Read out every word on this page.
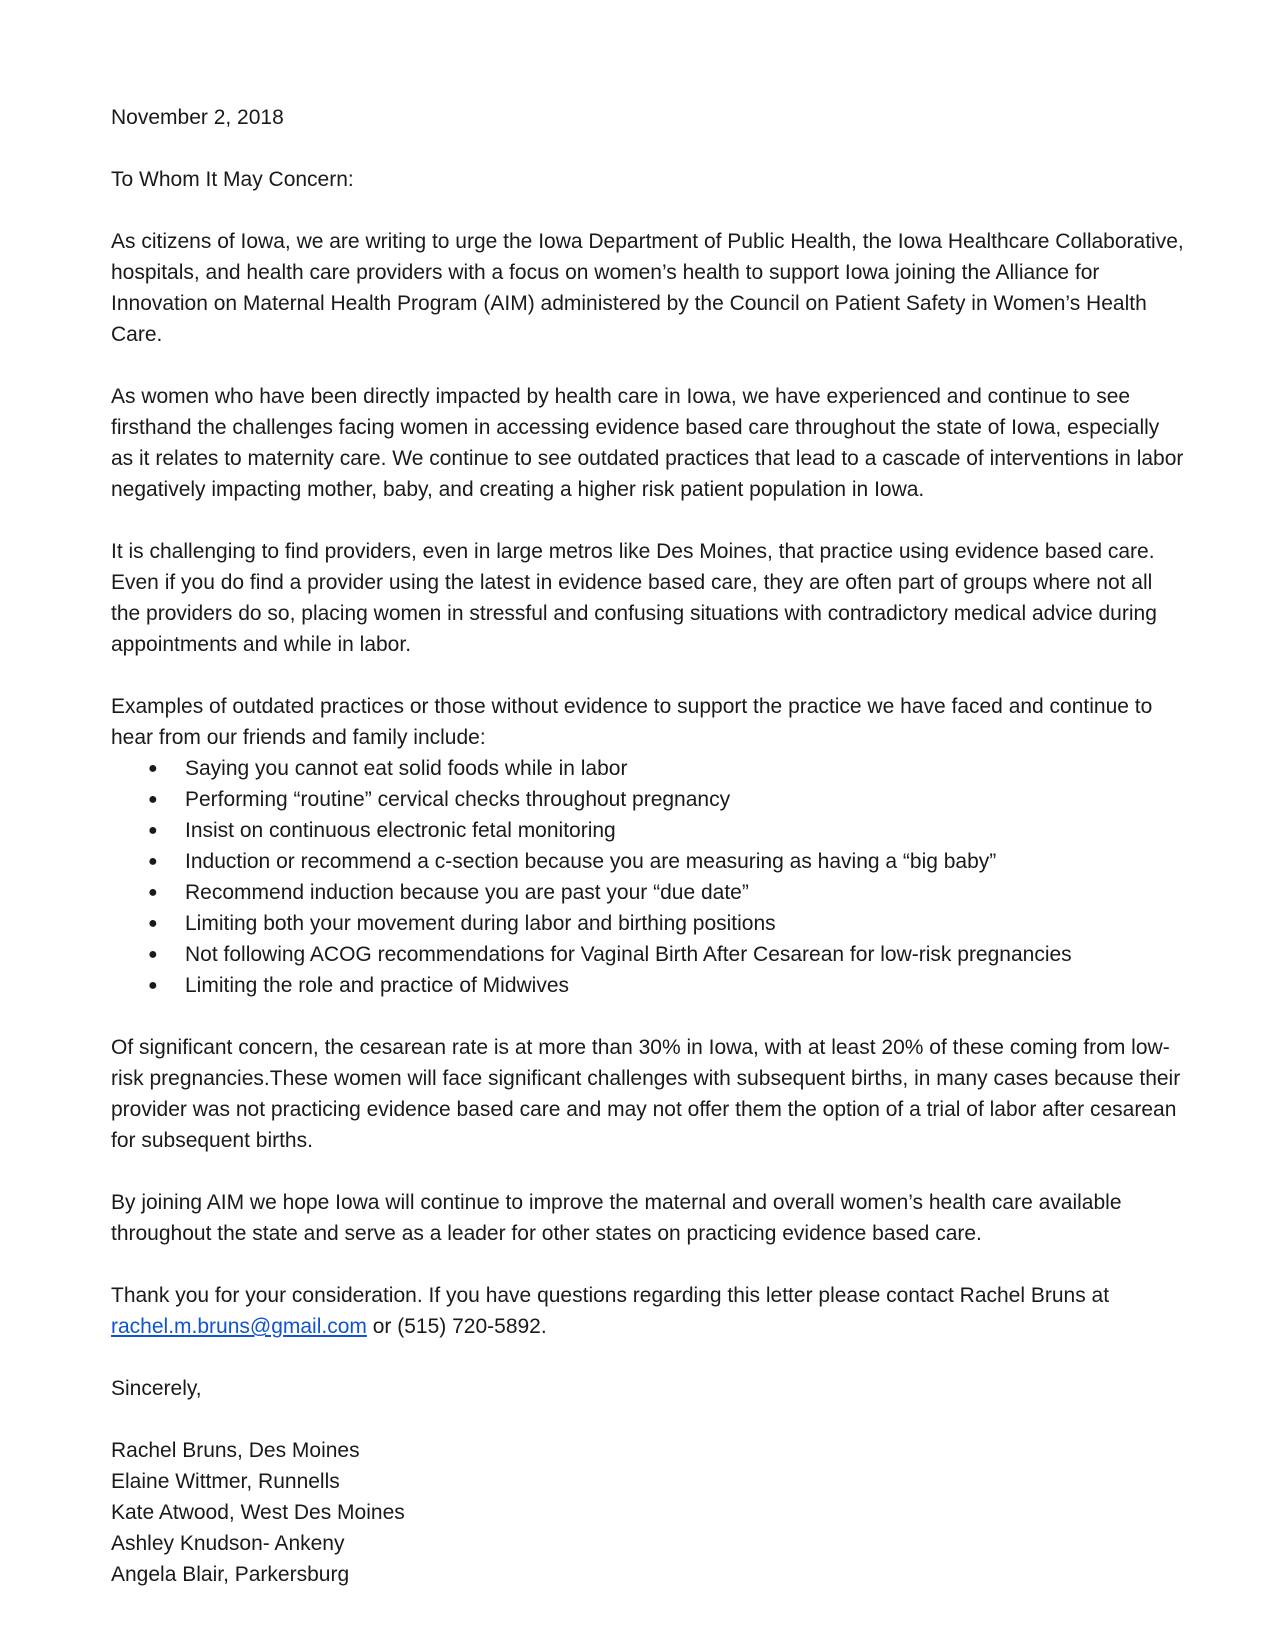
November 2, 2018

To Whom It May Concern:

As citizens of Iowa, we are writing to urge the Iowa Department of Public Health, the Iowa Healthcare Collaborative, hospitals, and health care providers with a focus on women’s health to support Iowa joining the Alliance for Innovation on Maternal Health Program (AIM) administered by the Council on Patient Safety in Women’s Health Care.

As women who have been directly impacted by health care in Iowa, we have experienced and continue to see firsthand the challenges facing women in accessing evidence based care throughout the state of Iowa, especially as it relates to maternity care. We continue to see outdated practices that lead to a cascade of interventions in labor negatively impacting mother, baby, and creating a higher risk patient population in Iowa.

It is challenging to find providers, even in large metros like Des Moines, that practice using evidence based care. Even if you do find a provider using the latest in evidence based care, they are often part of groups where not all the providers do so, placing women in stressful and confusing situations with contradictory medical advice during appointments and while in labor.

Examples of outdated practices or those without evidence to support the practice we have faced and continue to hear from our friends and family include:

● Saying you cannot eat solid foods while in labor
● Performing “routine” cervical checks throughout pregnancy
● Insist on continuous electronic fetal monitoring
● Induction or recommend a c-section because you are measuring as having a “big baby”
● Recommend induction because you are past your “due date”
● Limiting both your movement during labor and birthing positions
● Not following ACOG recommendations for Vaginal Birth After Cesarean for low-risk pregnancies
● Limiting the role and practice of Midwives

Of significant concern, the cesarean rate is at more than 30% in Iowa, with at least 20% of these coming from low-risk pregnancies.These women will face significant challenges with subsequent births, in many cases because their provider was not practicing evidence based care and may not offer them the option of a trial of labor after cesarean for subsequent births.

By joining AIM we hope Iowa will continue to improve the maternal and overall women’s health care available throughout the state and serve as a leader for other states on practicing evidence based care.

Thank you for your consideration. If you have questions regarding this letter please contact Rachel Bruns at rachel.m.bruns@gmail.com or (515) 720-5892.

Sincerely,

Rachel Bruns, Des Moines
Elaine Wittmer, Runnells
Kate Atwood, West Des Moines
Ashley Knudson- Ankeny
Angela Blair, Parkersburg
